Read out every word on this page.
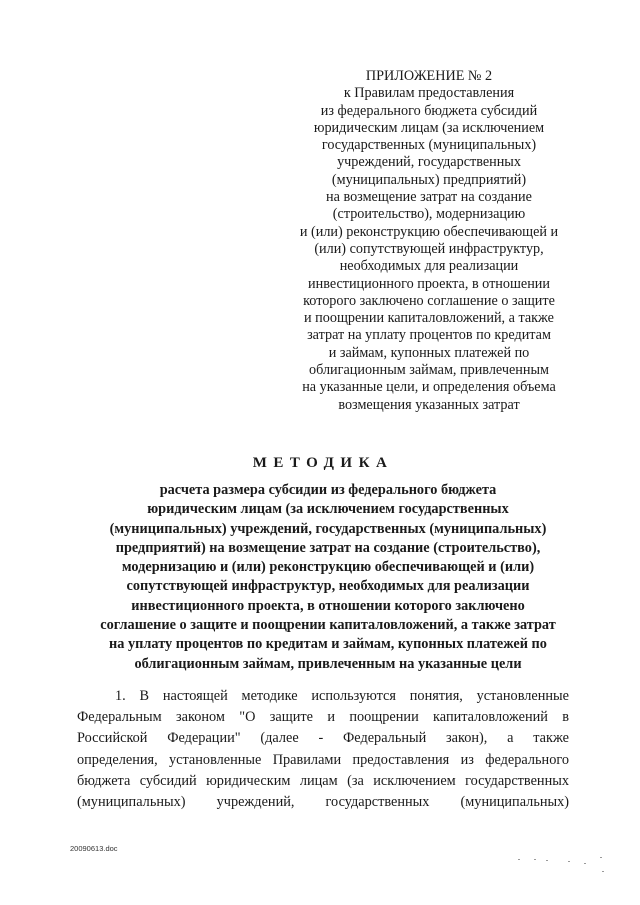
ПРИЛОЖЕНИЕ № 2
к Правилам предоставления
из федерального бюджета субсидий
юридическим лицам (за исключением
государственных (муниципальных)
учреждений, государственных
(муниципальных) предприятий)
на возмещение затрат на создание
(строительство), модернизацию
и (или) реконструкцию обеспечивающей и
(или) сопутствующей инфраструктур,
необходимых для реализации
инвестиционного проекта, в отношении
которого заключено соглашение о защите
и поощрении капиталовложений, а также
затрат на уплату процентов по кредитам
и займам, купонных платежей по
облигационным займам, привлеченным
на указанные цели, и определения объема
возмещения указанных затрат
МЕТОДИКА
расчета размера субсидии из федерального бюджета
юридическим лицам (за исключением государственных
(муниципальных) учреждений, государственных (муниципальных)
предприятий) на возмещение затрат на создание (строительство),
модернизацию и (или) реконструкцию обеспечивающей и (или)
сопутствующей инфраструктур, необходимых для реализации
инвестиционного проекта, в отношении которого заключено
соглашение о защите и поощрении капиталовложений, а также затрат
на уплату процентов по кредитам и займам, купонных платежей по
облигационным займам, привлеченным на указанные цели
1. В настоящей методике используются понятия, установленные
Федеральным законом "О защите и поощрении капиталовложений в
Российской Федерации" (далее - Федеральный закон), а также
определения, установленные Правилами предоставления из федерального
бюджета субсидий юридическим лицам (за исключением государственных
(муниципальных) учреждений, государственных (муниципальных)
20090613.doc
